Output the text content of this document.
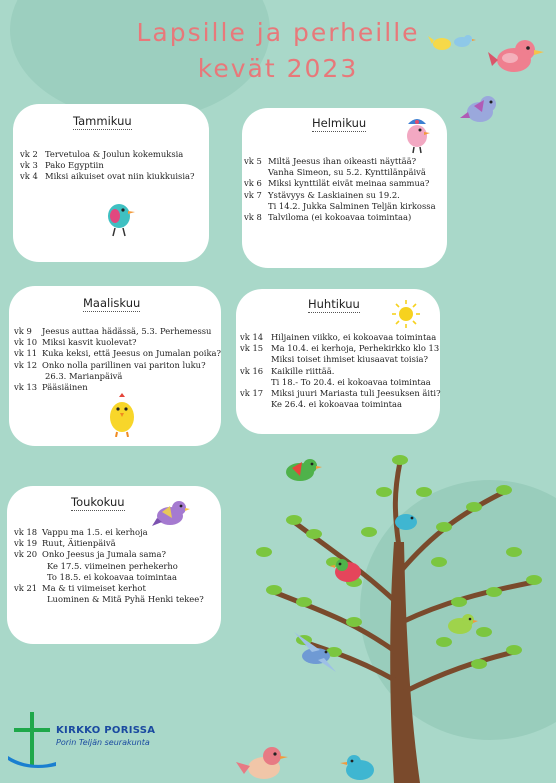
Lapsille ja perheille
kevät 2023
Tammikuu
vk 2 Tervetuloa & Joulun kokemuksia
vk 3 Pako Egyptiin
vk 4 Miksi aikuiset ovat niin kiukkuisia?
Helmikuu
vk 5 Miltä Jeesus ihan oikeasti näyttää?
Vanha Simeon, su 5.2. Kynttilänpäivä
vk 6 Miksi kynttilät eivät meinaa sammua?
vk 7 Ystävyys & Laskiainen su 19.2.
Ti 14.2. Jukka Salminen Teljän kirkossa
vk 8 Talviloma (ei kokoavaa toimintaa)
Maaliskuu
vk 9	Jeesus auttaa hädässä, 5.3. Perhemessu
vk 10 Miksi kasvit kuolevat?
vk 11 Kuka keksi, että Jeesus on Jumalan poika?
vk 12 Onko nolla parillinen vai pariton luku?
26.3. Marianpäivä
vk 13 Pääsiäinen
Huhtikuu
vk 14 Hiljainen viikko, ei kokoavaa toimintaa
vk 15 Ma 10.4. ei kerhoja, Perhekirkko klo 13
Miksi toiset ihmiset kiusaavat toisia?
vk 16 Kaikille riittää.
Ti 18.- To 20.4. ei kokoavaa toimintaa
vk 17 Miksi juuri Mariasta tuli Jeesuksen äiti?
Ke 26.4. ei kokoavaa toimintaa
Toukokuu
vk 18 Vappu ma 1.5. ei kerhoja
vk 19 Ruut, Äitienpäivä
vk 20 Onko Jeesus ja Jumala sama?
Ke 17.5. viimeinen perhekerho
To 18.5. ei kokoavaa toimintaa
vk 21 Ma & ti viimeiset kerhot
Luominen & Mitä Pyhä Henki tekee?
KIRKKO PORISSA
Porin Teljän seurakunta
